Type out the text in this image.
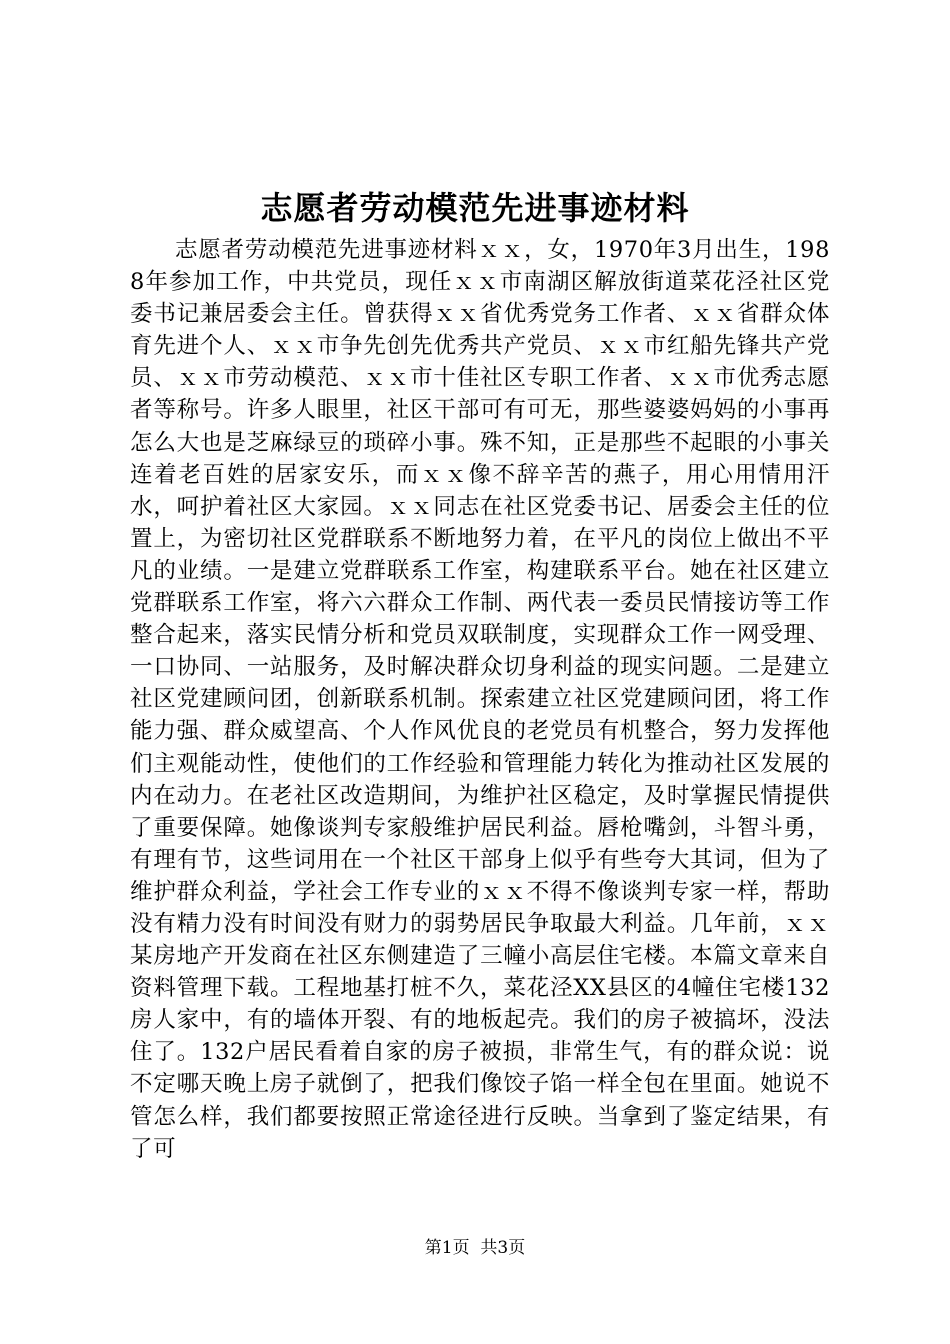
志愿者劳动模范先进事迹材料

志愿者劳动模范先进事迹材料ｘｘ，女，1970年3月出生，1988年参加工作，中共党员，现任ｘｘ市南湖区解放街道菜花泾社区党委书记兼居委会主任。曾获得ｘｘ省优秀党务工作者、ｘｘ省群众体育先进个人、ｘｘ市争先创先优秀共产党员、ｘｘ市红船先锋共产党员、ｘｘ市劳动模范、ｘｘ市十佳社区专职工作者、ｘｘ市优秀志愿者等称号。许多人眼里，社区干部可有可无，那些婆婆妈妈的小事再怎么大也是芝麻绿豆的琐碎小事。殊不知，正是那些不起眼的小事关连着老百姓的居家安乐，而ｘｘ像不辞辛苦的燕子，用心用情用汗水，呵护着社区大家园。ｘｘ同志在社区党委书记、居委会主任的位置上，为密切社区党群联系不断地努力着，在平凡的岗位上做出不平凡的业绩。一是建立党群联系工作室，构建联系平台。她在社区建立党群联系工作室，将六六群众工作制、两代表一委员民情接访等工作整合起来，落实民情分析和党员双联制度，实现群众工作一网受理、一口协同、一站服务，及时解决群众切身利益的现实问题。二是建立社区党建顾问团，创新联系机制。探索建立社区党建顾问团，将工作能力强、群众威望高、个人作风优良的老党员有机整合，努力发挥他们主观能动性，使他们的工作经验和管理能力转化为推动社区发展的内在动力。在老社区改造期间，为维护社区稳定，及时掌握民情提供了重要保障。她像谈判专家般维护居民利益。唇枪嘴剑，斗智斗勇，有理有节，这些词用在一个社区干部身上似乎有些夸大其词，但为了维护群众利益，学社会工作专业的ｘｘ不得不像谈判专家一样，帮助没有精力没有时间没有财力的弱势居民争取最大利益。几年前，ｘｘ某房地产开发商在社区东侧建造了三幢小高层住宅楼。本篇文章来自资料管理下载。工程地基打桩不久，菜花泾XX县区的4幢住宅楼132房人家中，有的墙体开裂、有的地板起壳。我们的房子被搞坏，没法住了。132户居民看着自家的房子被损，非常生气，有的群众说：说不定哪天晚上房子就倒了，把我们像饺子馅一样全包在里面。她说不管怎么样，我们都要按照正常途径进行反映。当拿到了鉴定结果，有了可

第1页 共3页
